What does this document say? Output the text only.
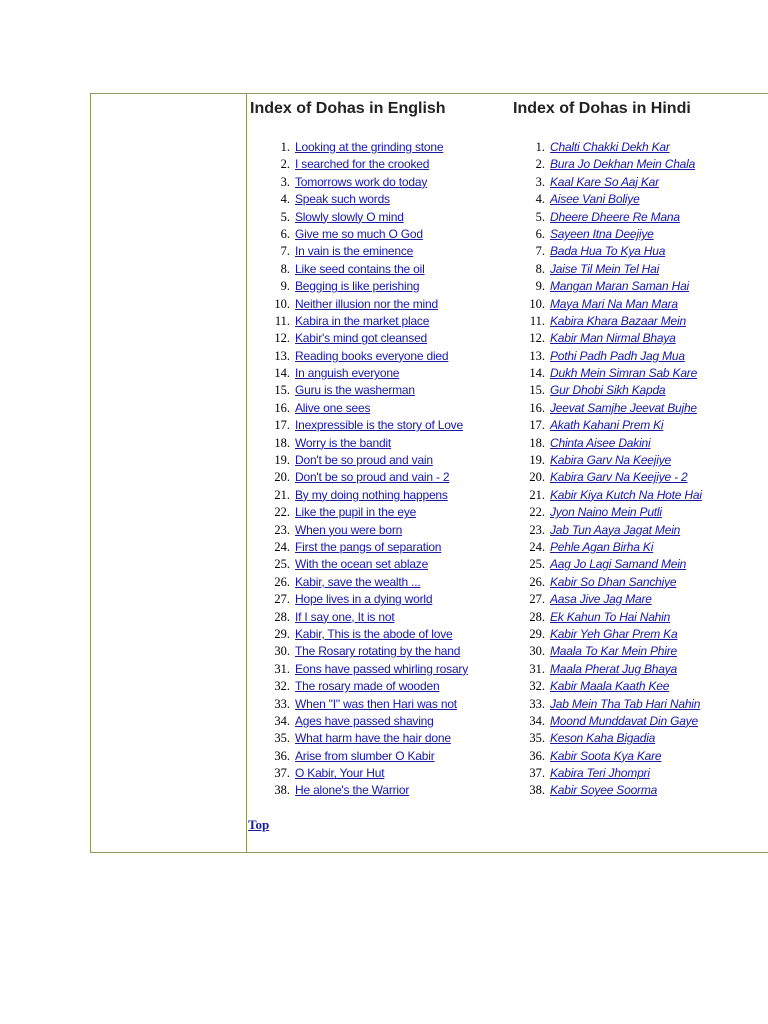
Index of Dohas in English
1. Looking at the grinding stone
2. I searched for the crooked
3. Tomorrows work do today
4. Speak such words
5. Slowly slowly O mind
6. Give me so much O God
7. In vain is the eminence
8. Like seed contains the oil
9. Begging is like perishing
10. Neither illusion nor the mind
11. Kabira in the market place
12. Kabir's mind got cleansed
13. Reading books everyone died
14. In anguish everyone
15. Guru is the washerman
16. Alive one sees
17. Inexpressible is the story of Love
18. Worry is the bandit
19. Don't be so proud and vain
20. Don't be so proud and vain - 2
21. By my doing nothing happens
22. Like the pupil in the eye
23. When you were born
24. First the pangs of separation
25. With the ocean set ablaze
26. Kabir, save the wealth ...
27. Hope lives in a dying world
28. If I say one, It is not
29. Kabir, This is the abode of love
30. The Rosary rotating by the hand
31. Eons have passed whirling rosary
32. The rosary made of wooden
33. When "I" was then Hari was not
34. Ages have passed shaving
35. What harm have the hair done
36. Arise from slumber O Kabir
37. O Kabir, Your Hut
38. He alone's the Warrior
Index of Dohas in Hindi
1. Chalti Chakki Dekh Kar
2. Bura Jo Dekhan Mein Chala
3. Kaal Kare So Aaj Kar
4. Aisee Vani Boliye
5. Dheere Dheere Re Mana
6. Sayeen Itna Deejiye
7. Bada Hua To Kya Hua
8. Jaise Til Mein Tel Hai
9. Mangan Maran Saman Hai
10. Maya Mari Na Man Mara
11. Kabira Khara Bazaar Mein
12. Kabir Man Nirmal Bhaya
13. Pothi Padh Padh Jag Mua
14. Dukh Mein Simran Sab Kare
15. Gur Dhobi Sikh Kapda
16. Jeevat Samjhe Jeevat Bujhe
17. Akath Kahani Prem Ki
18. Chinta Aisee Dakini
19. Kabira Garv Na Keejiye
20. Kabira Garv Na Keejiye - 2
21. Kabir Kiya Kutch Na Hote Hai
22. Jyon Naino Mein Putli
23. Jab Tun Aaya Jagat Mein
24. Pehle Agan Birha Ki
25. Aag Jo Lagi Samand Mein
26. Kabir So Dhan Sanchiye
27. Aasa Jive Jag Mare
28. Ek Kahun To Hai Nahin
29. Kabir Yeh Ghar Prem Ka
30. Maala To Kar Mein Phire
31. Maala Pherat Jug Bhaya
32. Kabir Maala Kaath Kee
33. Jab Mein Tha Tab Hari Nahin
34. Moond Munddavat Din Gaye
35. Keson Kaha Bigadia
36. Kabir Soota Kya Kare
37. Kabira Teri Jhompri
38. Kabir Soyee Soorma
Top
